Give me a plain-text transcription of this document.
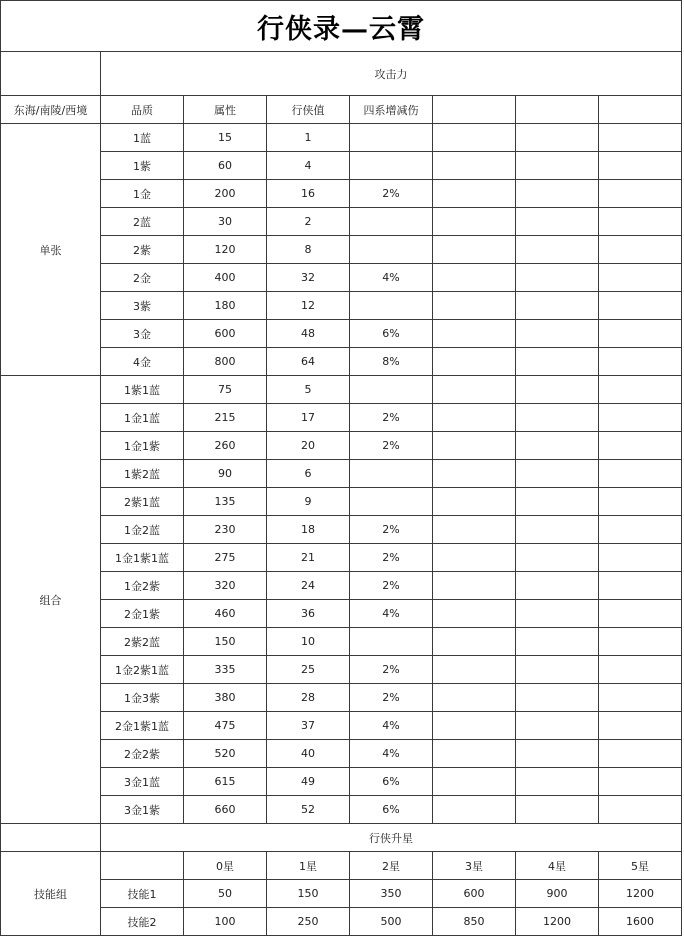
行侠录—云霄							
	攻击力						
东海/南陵/西境	品质	属性	行侠值	四系增减伤			
单张	1蓝	15	1				
	1紫	60	4				
	1金	200	16	2%			
	2蓝	30	2				
	2紫	120	8				
	2金	400	32	4%			
	3紫	180	12				
	3金	600	48	6%			
	4金	800	64	8%			
组合	1紫1蓝	75	5				
	1金1蓝	215	17	2%			
	1金1紫	260	20	2%			
	1紫2蓝	90	6				
	2紫1蓝	135	9				
	1金2蓝	230	18	2%			
	1金1紫1蓝	275	21	2%			
	1金2紫	320	24	2%			
	2金1紫	460	36	4%			
	2紫2蓝	150	10				
	1金2紫1蓝	335	25	2%			
	1金3紫	380	28	2%			
	2金1紫1蓝	475	37	4%			
	2金2紫	520	40	4%			
	3金1蓝	615	49	6%			
	3金1紫	660	52	6%			
	行侠升星						
技能组		0星	1星	2星	3星	4星	5星
	技能1	50	150	350	600	900	1200
	技能2	100	250	500	850	1200	1600
